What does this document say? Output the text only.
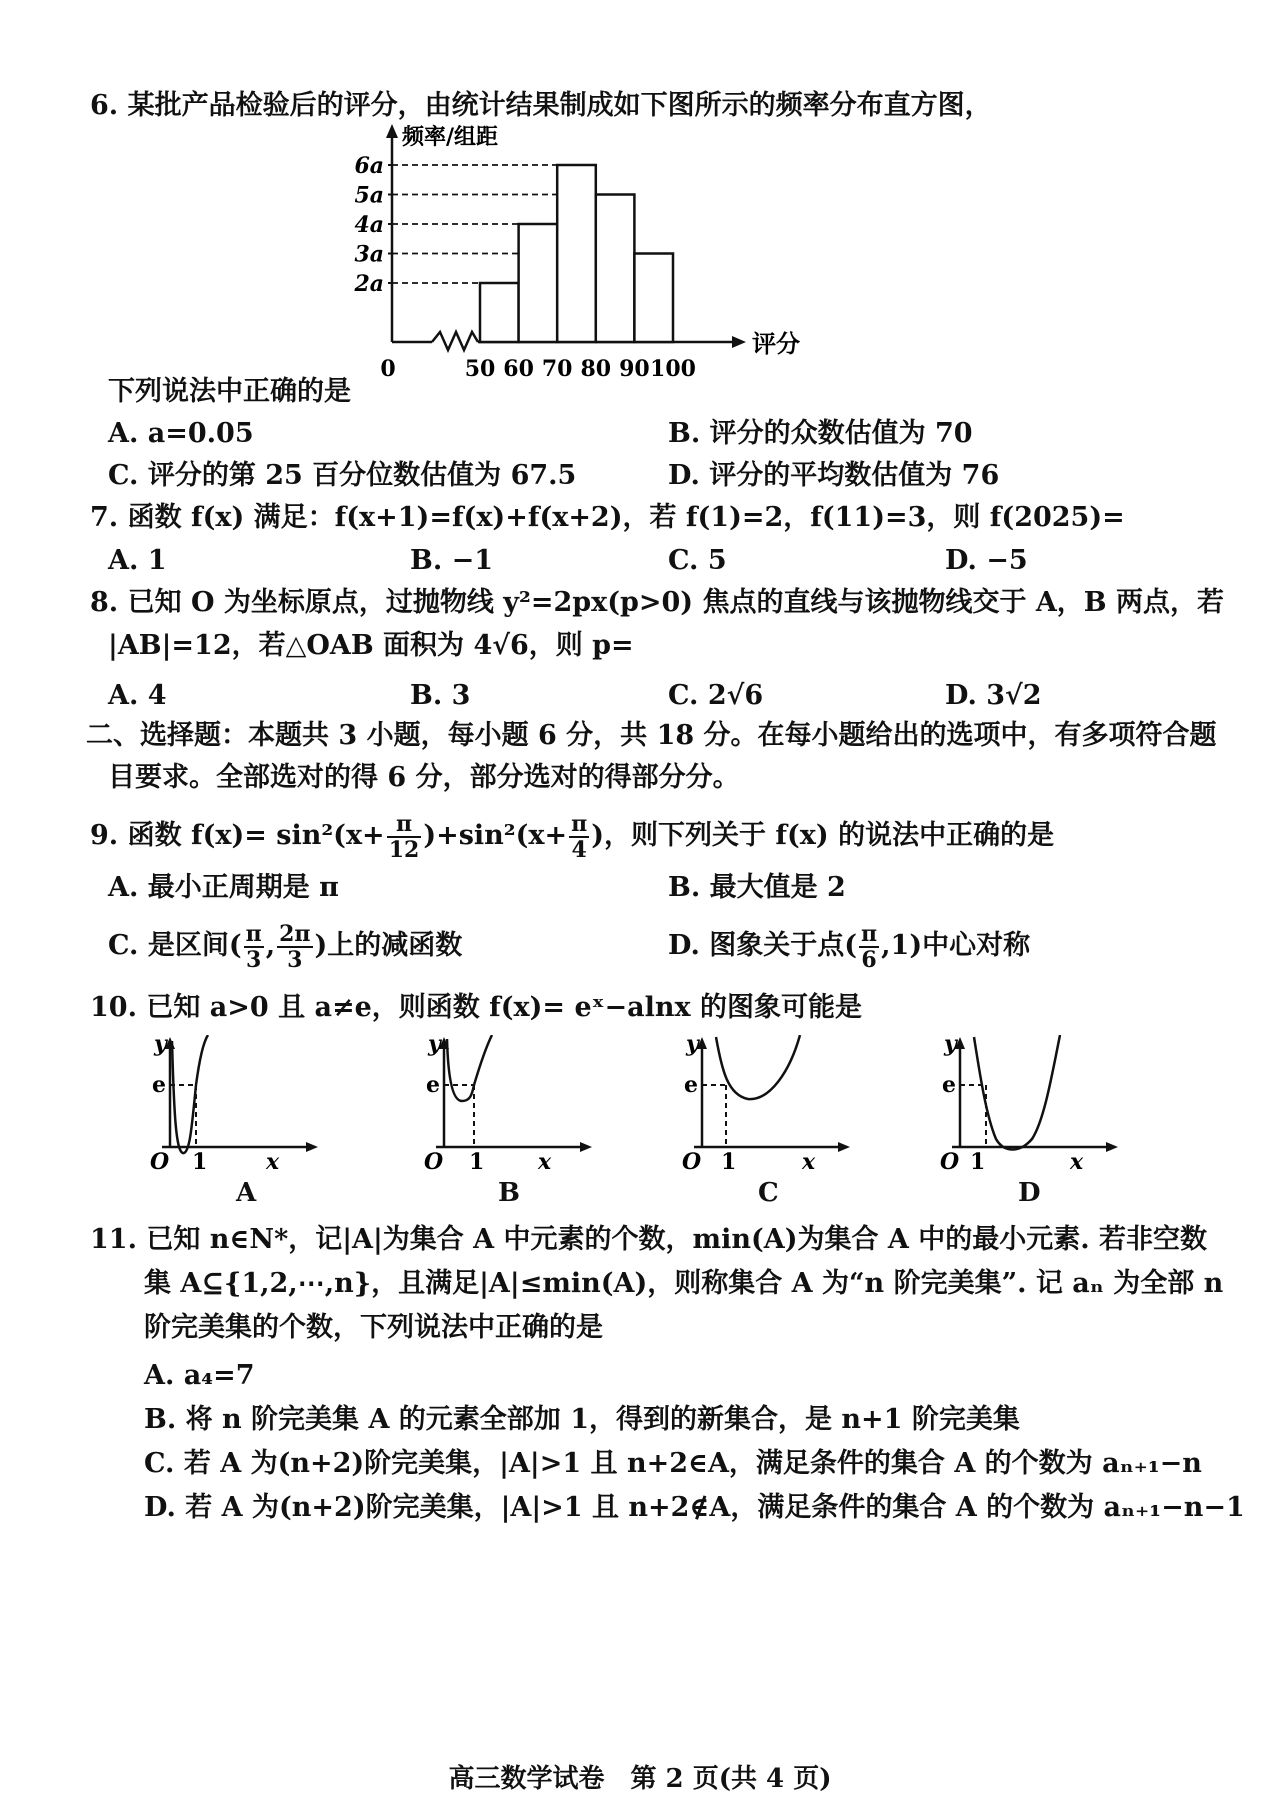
6. 某批产品检验后的评分，由统计结果制成如下图所示的频率分布直方图，
频率/组距
评分
2a
3a
4a
5a
6a
0	50 60 70 80 90 100
下列说法中正确的是
A. a=0.05	B. 评分的众数估值为 70
C. 评分的第 25 百分位数估值为 67.5	D. 评分的平均数估值为 76
7. 函数 f(x) 满足：f(x+1)=f(x)+f(x+2)，若 f(1)=2，f(11)=3，则 f(2025)=
A. 1	B. −1	C. 5	D. −5
8. 已知 O 为坐标原点，过抛物线 y²=2px(p>0) 焦点的直线与该抛物线交于 A，B 两点，若
|AB|=12，若△OAB 面积为 4√6，则 p=
A. 4	B. 3	C. 2√6	D. 3√2
二、选择题：本题共 3 小题，每小题 6 分，共 18 分。在每小题给出的选项中，有多项符合题
目要求。全部选对的得 6 分，部分选对的得部分分。
9. 函数 $f(x)= \sin^2(x+ \frac{\pi}{12} )+\sin^2(x+ \frac{\pi}{4}$ )，则下列关于 f(x) 的说法中正确的是
A. 最小正周期是 π	B. 最大值是 2
C. 是区间( $\frac{\pi}{3}$ , $\frac{2\pi}{3}$ )上的减函数	D. 图象关于点( $\frac{\pi}{6} ,1$)中心对称
10. 已知 a>0 且 a≠e，则函数 f(x)= eˣ−alnx 的图象可能是
y
e
O 1	x
A
y
e
O 1 x
B
y
e
O 1	x
C
y
e
O 1	x
D
11. 已知 n∈N*，记|A|为集合 A 中元素的个数，min(A)为集合 A 中的最小元素. 若非空数
集 A⊆{1,2,⋯,n}，且满足|A|≤min(A)，则称集合 A 为“n 阶完美集”. 记 aₙ 为全部 n
阶完美集的个数，下列说法中正确的是
A. a₄=7
B. 将 n 阶完美集 A 的元素全部加 1，得到的新集合，是 n+1 阶完美集
C. 若 A 为(n+2)阶完美集，|A|>1 且 n+2∈A，满足条件的集合 A 的个数为 aₙ₊₁−n
D. 若 A 为(n+2)阶完美集，|A|>1 且 n+2∉A，满足条件的集合 A 的个数为 aₙ₊₁−n−1
高三数学试卷　第 2 页(共 4 页)
